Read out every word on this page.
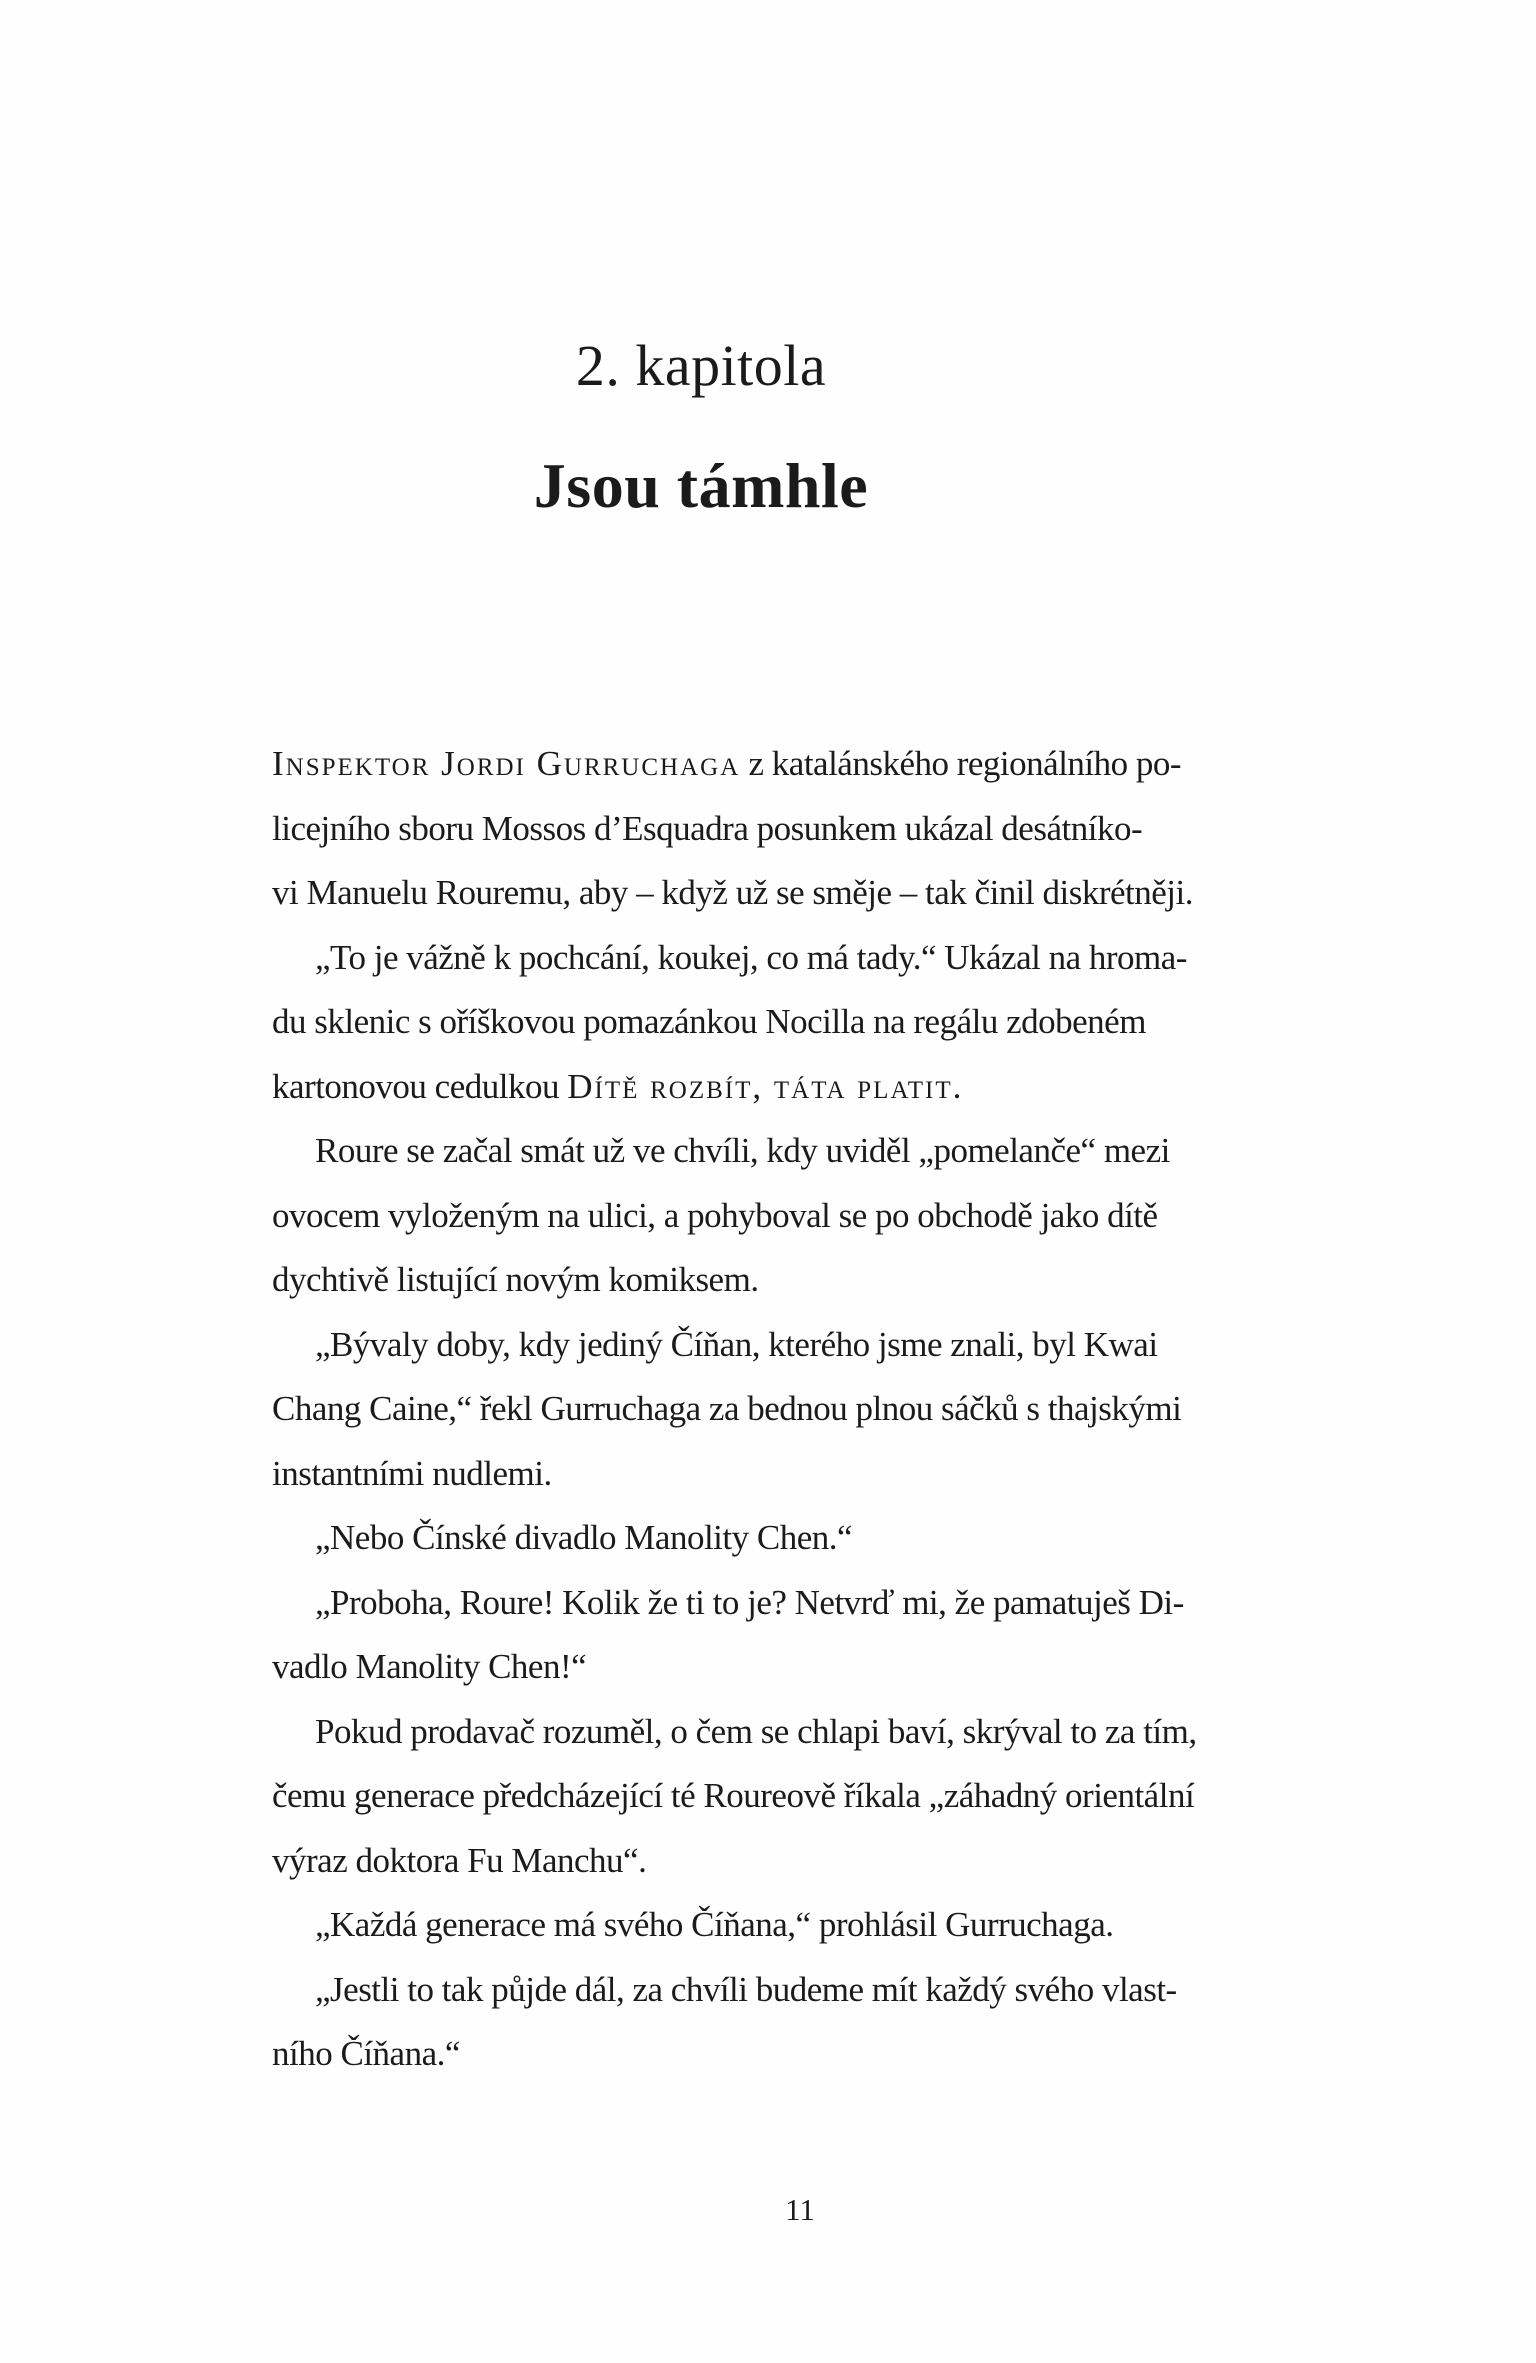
2. kapitola
Jsou támhle
Inspektor Jordi Gurruchaga z katalánského regionálního po-
licejního sboru Mossos d’Esquadra posunkem ukázal desátníko-
vi Manuelu Rouremu, aby – když už se směje – tak činil diskrétněji.
„To je vážně k pochcání, koukej, co má tady.“ Ukázal na hroma-
du sklenic s oříškovou pomazánkou Nocilla na regálu zdobeném
kartonovou cedulkou Dítě rozbít, táta platit.
Roure se začal smát už ve chvíli, kdy uviděl „pomelanče“ mezi
ovocem vyloženým na ulici, a pohyboval se po obchodě jako dítě
dychtivě listující novým komiksem.
„Bývaly doby, kdy jediný Číňan, kterého jsme znali, byl Kwai
Chang Caine,“ řekl Gurruchaga za bednou plnou sáčků s thajskými
instantními nudlemi.
„Nebo Čínské divadlo Manolity Chen.“
„Proboha, Roure! Kolik že ti to je? Netvrď mi, že pamatuješ Di-
vadlo Manolity Chen!“
Pokud prodavač rozuměl, o čem se chlapi baví, skrýval to za tím,
čemu generace předcházející té Roureově říkala „záhadný orientální
výraz doktora Fu Manchu“.
„Každá generace má svého Číňana,“ prohlásil Gurruchaga.
„Jestli to tak půjde dál, za chvíli budeme mít každý svého vlast-
ního Číňana.“
11
